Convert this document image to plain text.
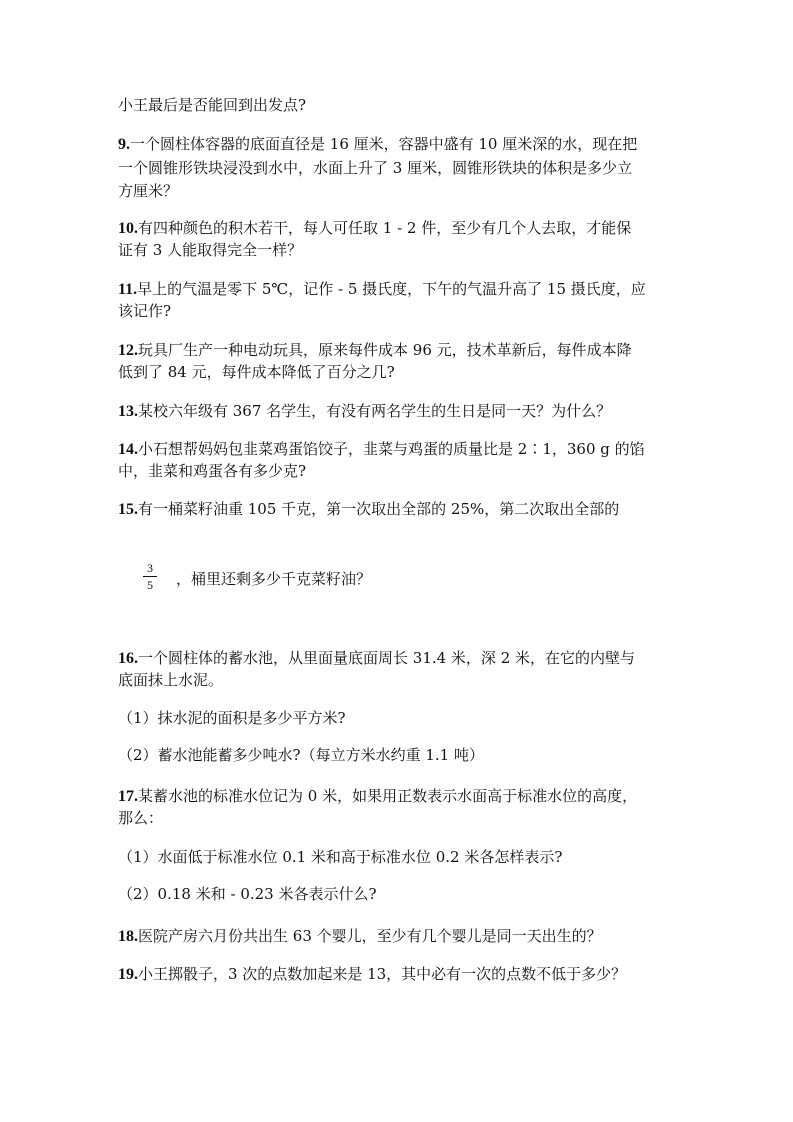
小王最后是否能回到出发点?
9.一个圆柱体容器的底面直径是 16 厘米，容器中盛有 10 厘米深的水，现在把
一个圆锥形铁块浸没到水中，水面上升了 3 厘米，圆锥形铁块的体积是多少立
方厘米？
10.有四种颜色的积木若干，每人可任取 1 - 2 件，至少有几个人去取，才能保
证有 3 人能取得完全一样？
11.早上的气温是零下 5℃，记作 - 5 摄氏度，下午的气温升高了 15 摄氏度，应
该记作?
12.玩具厂生产一种电动玩具，原来每件成本 96 元，技术革新后，每件成本降
低到了 84 元，每件成本降低了百分之几?
13.某校六年级有 367 名学生，有没有两名学生的生日是同一天？为什么？
14.小石想帮妈妈包韭菜鸡蛋馅饺子，韭菜与鸡蛋的质量比是 2∶1，360 g 的馅
中，韭菜和鸡蛋各有多少克?
15.有一桶菜籽油重 105 千克，第一次取出全部的 25%，第二次取出全部的
3
5	，桶里还剩多少千克菜籽油？
16.一个圆柱体的蓄水池，从里面量底面周长 31.4 米，深 2 米，在它的内壁与
底面抹上水泥。
（1）抹水泥的面积是多少平方米?
（2）蓄水池能蓄多少吨水?（每立方米水约重 1.1 吨）
17.某蓄水池的标准水位记为 0 米，如果用正数表示水面高于标准水位的高度，
那么：
（1）水面低于标准水位 0.1 米和高于标准水位 0.2 米各怎样表示?
（2）0.18 米和 - 0.23 米各表示什么?
18.医院产房六月份共出生 63 个婴儿，至少有几个婴儿是同一天出生的？
19.小王掷骰子，3 次的点数加起来是 13，其中必有一次的点数不低于多少？
